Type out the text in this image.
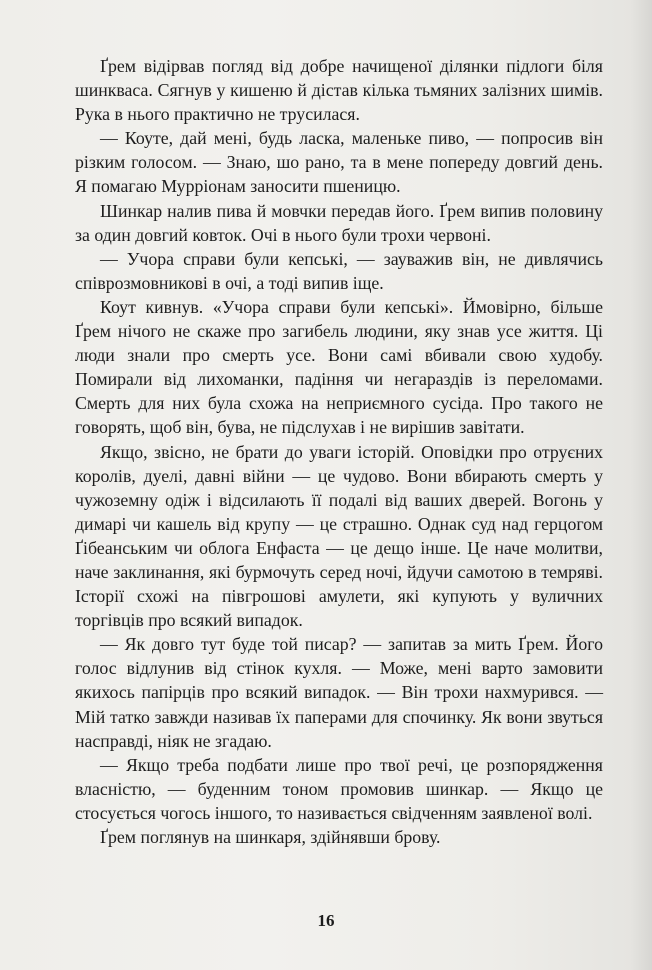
Ґрем відірвав погляд від добре начищеної ділянки підлоги біля шинкваса. Сягнув у кишеню й дістав кілька тьмяних залізних шимів. Рука в нього практично не трусилася.

— Коуте, дай мені, будь ласка, маленьке пиво, — попросив він різким голосом. — Знаю, шо рано, та в мене попереду довгий день. Я помагаю Мурріонам заносити пшеницю.

Шинкар налив пива й мовчки передав його. Ґрем випив половину за один довгий ковток. Очі в нього були трохи червоні.

— Учора справи були кепські, — зауважив він, не дивлячись співрозмовникові в очі, а тоді випив іще.

Коут кивнув. «Учора справи були кепські». Ймовірно, більше Ґрем нічого не скаже про загибель людини, яку знав усе життя. Ці люди знали про смерть усе. Вони самі вбивали свою худобу. Помирали від лихоманки, падіння чи негараздів із переломами. Смерть для них була схожа на неприємного сусіда. Про такого не говорять, щоб він, бува, не підслухав і не вирішив завітати.

Якщо, звісно, не брати до уваги історій. Оповідки про отруєних королів, дуелі, давні війни — це чудово. Вони вбирають смерть у чужоземну одіж і відсилають її подалі від ваших дверей. Вогонь у димарі чи кашель від крупу — це страшно. Однак суд над герцогом Ґібеанським чи облога Енфаста — це дещо інше. Це наче молитви, наче заклинання, які бурмочуть серед ночі, йдучи самотою в темряві. Історії схожі на півгрошові амулети, які купують у вуличних торгівців про всякий випадок.

— Як довго тут буде той писар? — запитав за мить Ґрем. Його голос відлунив від стінок кухля. — Може, мені варто замовити якихось папірців про всякий випадок. — Він трохи нахмурився. — Мій татко завжди називав їх паперами для спочинку. Як вони звуться насправді, ніяк не згадаю.

— Якщо треба подбати лише про твої речі, це розпорядження власністю, — буденним тоном промовив шинкар. — Якщо це стосується чогось іншого, то називається свідченням заявленої волі.

Ґрем поглянув на шинкаря, здійнявши брову.

16
